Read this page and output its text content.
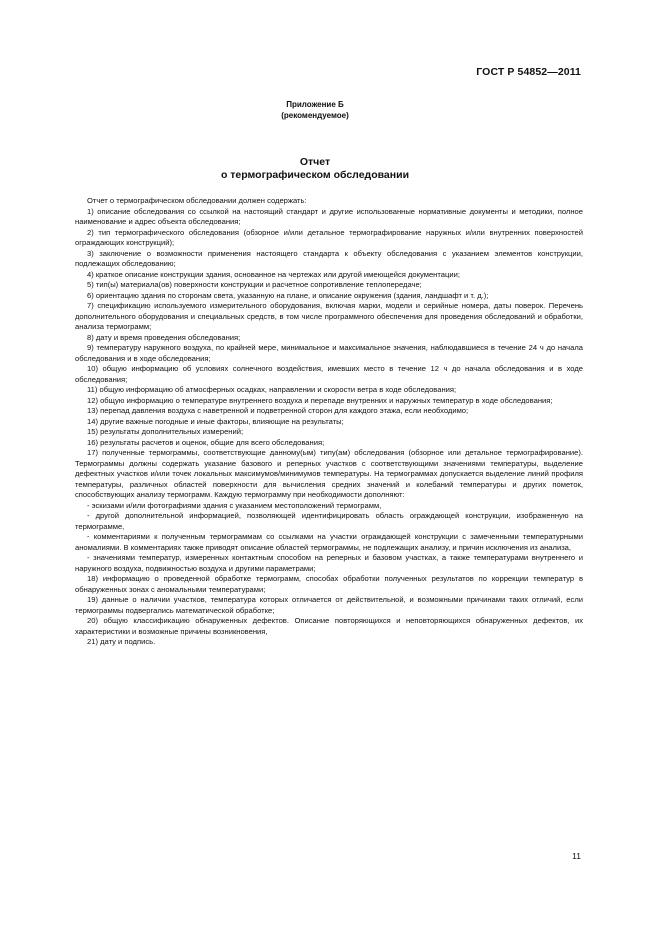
ГОСТ Р 54852—2011
Приложение Б
(рекомендуемое)
Отчет
о термографическом обследовании

Отчет о термографическом обследовании должен содержать:

1) описание обследования со ссылкой на настоящий стандарт и другие использованные нормативные документы и методики, полное наименование и адрес объекта обследования;

2) тип термографического обследования (обзорное и/или детальное термографирование наружных и/или внутренних поверхностей ограждающих конструкций);

3) заключение о возможности применения настоящего стандарта к объекту обследования с указанием элементов конструкции, подлежащих обследованию;

4) краткое описание конструкции здания, основанное на чертежах или другой имеющейся документации;

5) тип(ы) материала(ов) поверхности конструкции и расчетное сопротивление теплопередаче;

6) ориентацию здания по сторонам света, указанную на плане, и описание окружения (здания, ландшафт и т. д.);

7) спецификацию используемого измерительного оборудования, включая марки, модели и серийные номера, даты поверок. Перечень дополнительного оборудования и специальных средств, в том числе программного обеспечения для проведения обследований и обработки, анализа термограмм;

8) дату и время проведения обследования;

9) температуру наружного воздуха, по крайней мере, минимальное и максимальное значения, наблюдавшиеся в течение 24 ч до начала обследования и в ходе обследования;

10) общую информацию об условиях солнечного воздействия, имевших место в течение 12 ч до начала обследования и в ходе обследования;

11) общую информацию об атмосферных осадках, направлении и скорости ветра в ходе обследования;

12) общую информацию о температуре внутреннего воздуха и перепаде внутренних и наружных температур в ходе обследования;

13) перепад давления воздуха с наветренной и подветренной сторон для каждого этажа, если необходимо;

14) другие важные погодные и иные факторы, влияющие на результаты;

15) результаты дополнительных измерений;

16) результаты расчетов и оценок, общие для всего обследования;

17) полученные термограммы, соответствующие данному(ым) типу(ам) обследования (обзорное или детальное термографирование). Термограммы должны содержать указание базового и реперных участков с соответствующими значениями температуры, выделение дефектных участков и/или точек локальных максимумов/минимумов температуры. На термограммах допускается выделение линий профиля температуры, различных областей поверхности для вычисления средних значений и колебаний температуры и других пометок, способствующих анализу термограмм. Каждую термограмму при необходимости дополняют:

- эскизами и/или фотографиями здания с указанием местоположений термограмм,

- другой дополнительной информацией, позволяющей идентифицировать область ограждающей конструкции, изображенную на термограмме,

- комментариями к полученным термограммам со ссылками на участки ограждающей конструкции с замеченными температурными аномалиями. В комментариях также приводят описание областей термограммы, не подлежащих анализу, и причин исключения из анализа,

- значениями температур, измеренных контактным способом на реперных и базовом участках, а также температурами внутреннего и наружного воздуха, подвижностью воздуха и другими параметрами;

18) информацию о проведенной обработке термограмм, способах обработки полученных результатов по коррекции температур в обнаруженных зонах с аномальными температурами;

19) данные о наличии участков, температура которых отличается от действительной, и возможными причинами таких отличий, если термограммы подвергались математической обработке;

20) общую классификацию обнаруженных дефектов. Описание повторяющихся и неповторяющихся обнаруженных дефектов, их характеристики и возможные причины возникновения,

21) дату и подпись.

11
